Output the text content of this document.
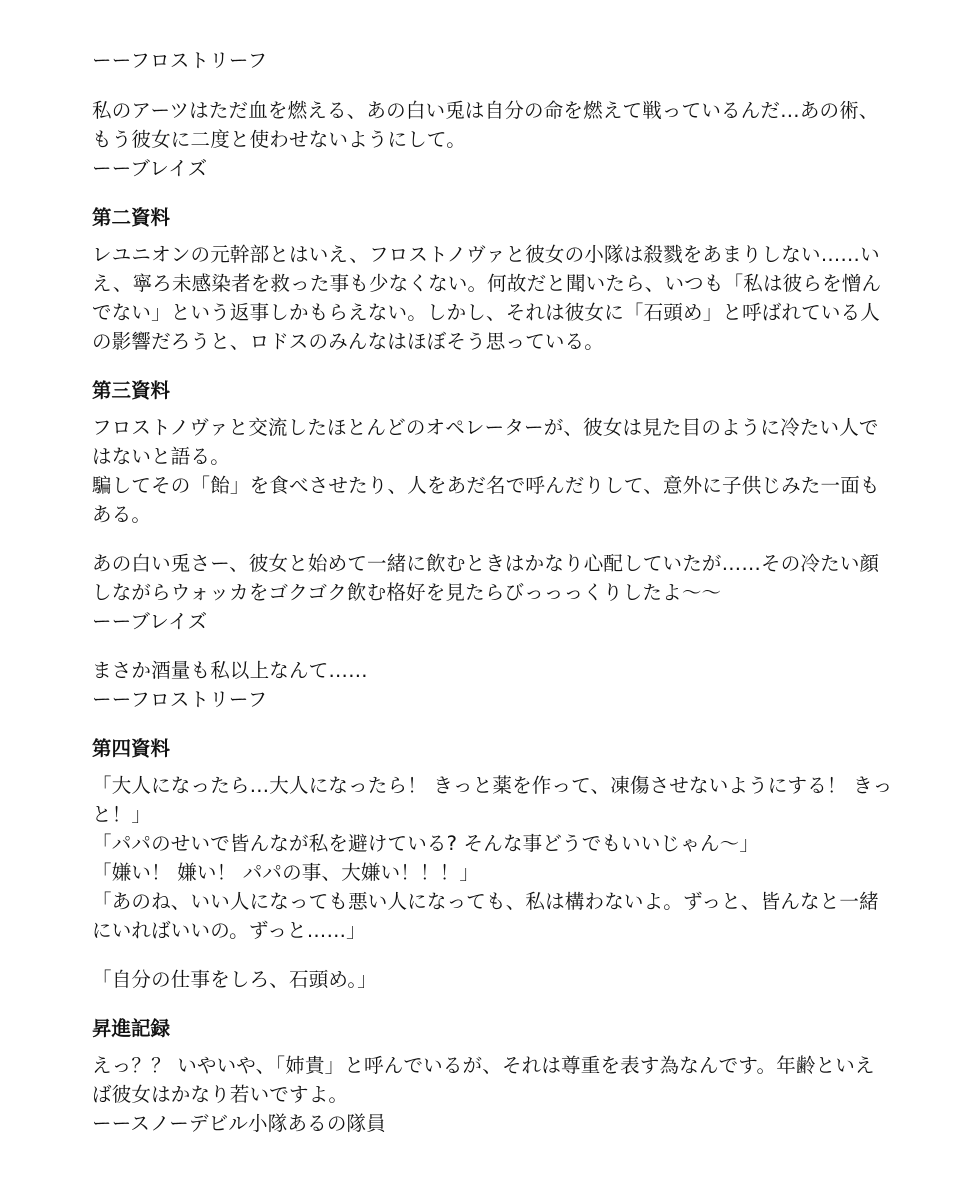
ーーフロストリーフ
私のアーツはただ血を燃える、あの白い兎は自分の命を燃えて戦っているんだ…あの術、
もう彼女に二度と使わせないようにして。
ーーブレイズ
第二資料
レユニオンの元幹部とはいえ、フロストノヴァと彼女の小隊は殺戮をあまりしない……い
え、寧ろ未感染者を救った事も少なくない。何故だと聞いたら、いつも「私は彼らを憎ん
でない」という返事しかもらえない。しかし、それは彼女に「石頭め」と呼ばれている人
の影響だろうと、ロドスのみんなはほぼそう思っている。
第三資料
フロストノヴァと交流したほとんどのオペレーターが、彼女は見た目のように冷たい人で
はないと語る。
騙してその「飴」を食べさせたり、人をあだ名で呼んだりして、意外に子供じみた一面も
ある。
あの白い兎さー、彼女と始めて一緒に飲むときはかなり心配していたが……その冷たい顔
しながらウォッカをゴクゴク飲む格好を見たらびっっっくりしたよ～～
ーーブレイズ
まさか酒量も私以上なんて……
ーーフロストリーフ
第四資料
「大人になったら…大人になったら！ きっと薬を作って、凍傷させないようにする！ きっ
と！」
「パパのせいで皆んなが私を避けている? そんな事どうでもいいじゃん～」
「嫌い！ 嫌い！ パパの事、大嫌い！！！」
「あのね、いい人になっても悪い人になっても、私は構わないよ。ずっと、皆んなと一緒
にいればいいの。ずっと……」
「自分の仕事をしろ、石頭め。」
昇進記録
えっ？？ いやいや、「姉貴」と呼んでいるが、それは尊重を表す為なんです。年齢といえ
ば彼女はかなり若いですよ。
ーースノーデビル小隊あるの隊員
